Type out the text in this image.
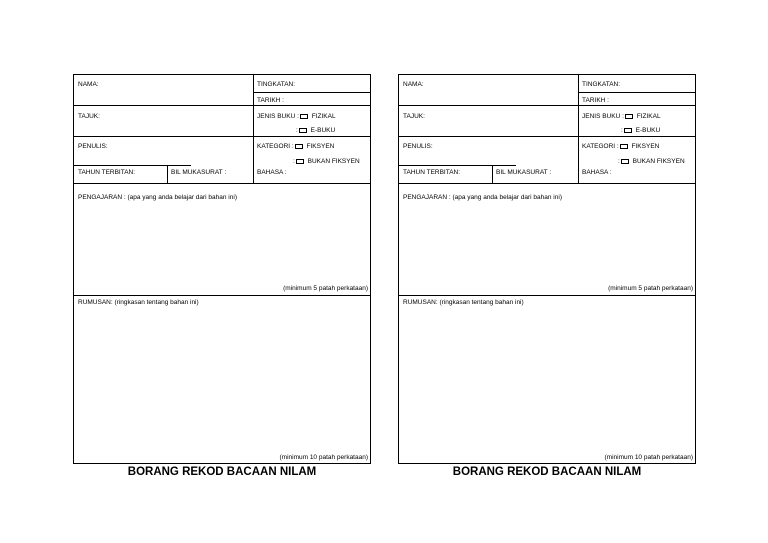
NAMA:	TINGKATAN:
TARIKH :
TAJUK:	JENIS BUKU : FIZIKAL
: E-BUKU
PENULIS:	KATEGORI : FIKSYEN
: BUKAN FIKSYEN
TAHUN TERBITAN:	BIL MUKASURAT :	BAHASA :
PENGAJARAN : (apa yang anda belajar dari bahan ini)
(minimum 5 patah perkataan)
RUMUSAN: (ringkasan tentang bahan ini)
(minimum 10 patah perkataan)
BORANG REKOD BACAAN NILAM
NAMA:	TINGKATAN:
TARIKH :
TAJUK:	JENIS BUKU : FIZIKAL
: E-BUKU
PENULIS:	KATEGORI : FIKSYEN
: BUKAN FIKSYEN
TAHUN TERBITAN:	BIL MUKASURAT :	BAHASA :
PENGAJARAN : (apa yang anda belajar dari bahan ini)
(minimum 5 patah perkataan)
RUMUSAN: (ringkasan tentang bahan ini)
(minimum 10 patah perkataan)
BORANG REKOD BACAAN NILAM
